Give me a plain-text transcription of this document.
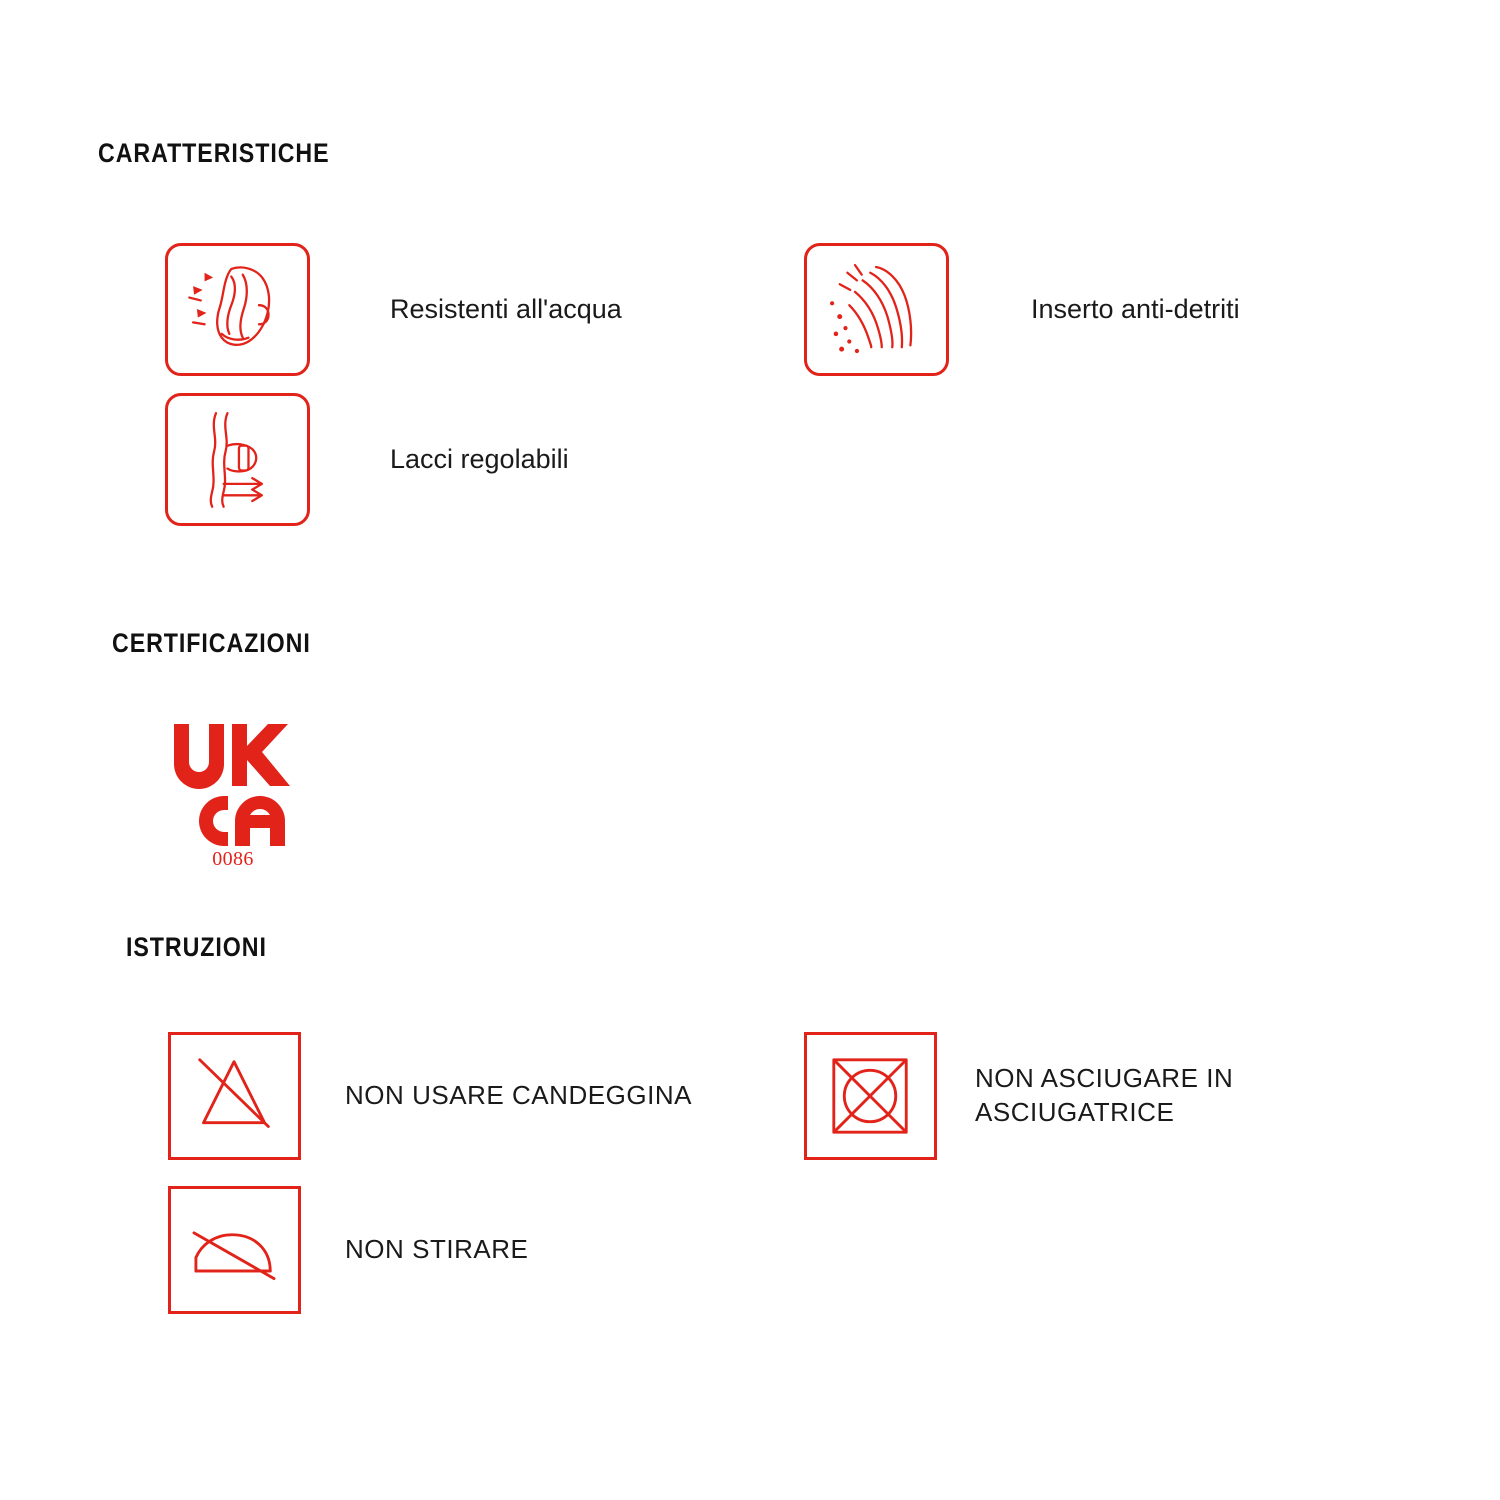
CARATTERISTICHE
Resistenti all'acqua	Inserto anti-detriti
Lacci regolabili
CERTIFICAZIONI
0086
ISTRUZIONI
NON USARE CANDEGGINA
NON ASCIUGARE IN ASCIUGATRICE
NON STIRARE
